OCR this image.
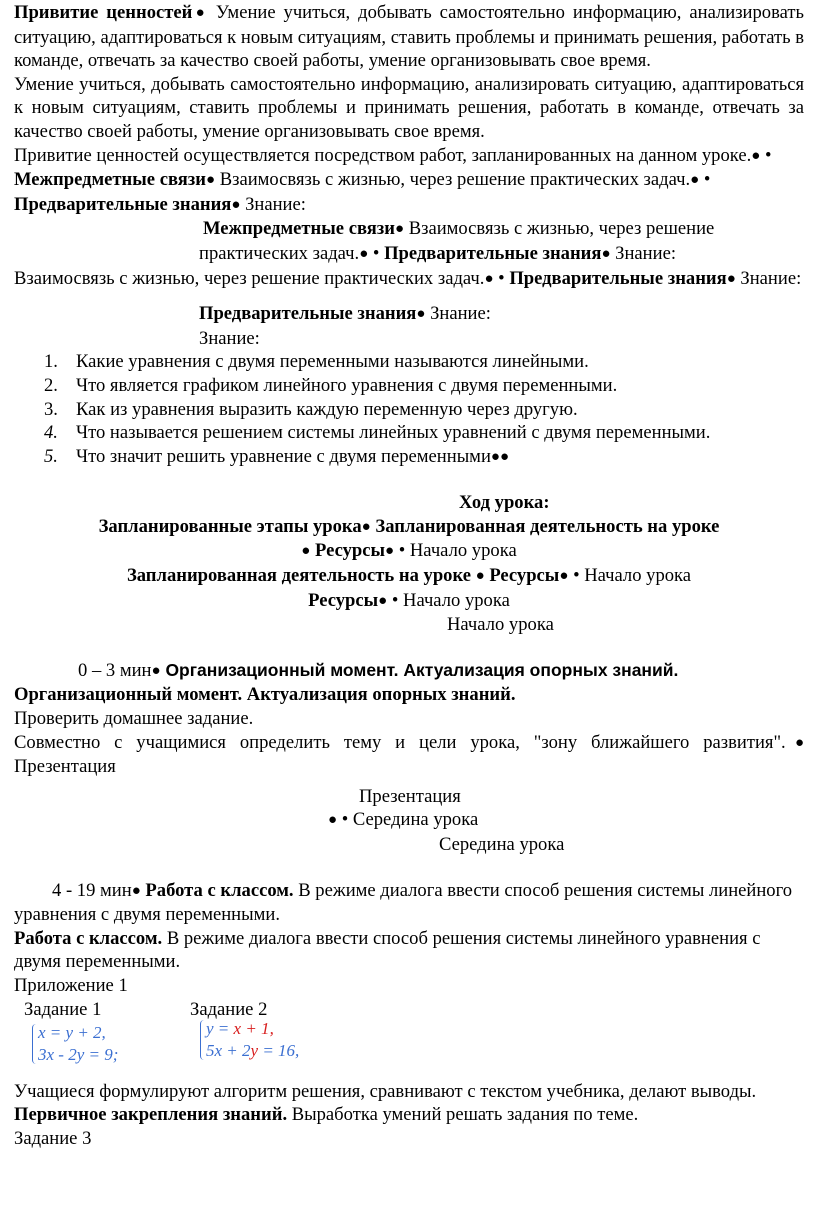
Привитие ценностей● Умение учиться, добывать самостоятельно информацию, анализировать ситуацию, адаптироваться к новым ситуациям, ставить проблемы и принимать решения, работать в команде, отвечать за качество своей работы, умение организовывать свое время.

Умение учиться, добывать самостоятельно информацию, анализировать ситуацию, адаптироваться к новым ситуациям, ставить проблемы и принимать решения, работать в команде, отвечать за качество своей работы, умение организовывать свое время.

Привитие ценностей осуществляется посредством работ, запланированных на данном уроке.● • Межпредметные связи● Взаимосвязь с жизнью, через решение практических задач.● • Предварительные знания● Знание:

Межпредметные связи● Взаимосвязь с жизнью, через решение

практических задач.● • Предварительные знания● Знание:

Взаимосвязь с жизнью, через решение практических задач.● • Предварительные знания● Знание:

Предварительные знания● Знание:

Знание:

1. Какие уравнения с двумя переменными называются линейными.
2. Что является графиком линейного уравнения с двумя переменными.
3. Как из уравнения выразить каждую переменную через другую.
4. Что называется решением системы линейных уравнений с двумя переменными.
5. Что значит решить уравнение с двумя переменными●●

Ход урока:

Запланированные этапы урока● Запланированная деятельность на уроке

● Ресурсы● • Начало урока

Запланированная деятельность на уроке ● Ресурсы● • Начало урока

Ресурсы● • Начало урока

Начало урока

0 – 3 мин● Организационный момент. Актуализация опорных знаний.

Организационный момент. Актуализация опорных знаний.

Проверить домашнее задание.

Совместно с учащимися определить тему и цели урока, "зону ближайшего развития".● Презентация

Презентация

● • Середина урока

Середина урока

4 - 19 мин● Работа с классом. В режиме диалога ввести способ решения системы линейного уравнения с двумя переменными.

Работа с классом. В режиме диалога ввести способ решения системы линейного уравнения с двумя переменными.

Приложение 1

Задание 1	Задание 2
x = y + 2,
3x - 2y = 9;
y = x + 1,
5x + 2y = 16,

Учащиеся формулируют алгоритм решения, сравнивают с текстом учебника, делают выводы.

Первичное закрепления знаний. Выработка умений решать задания по теме.

Задание 3
